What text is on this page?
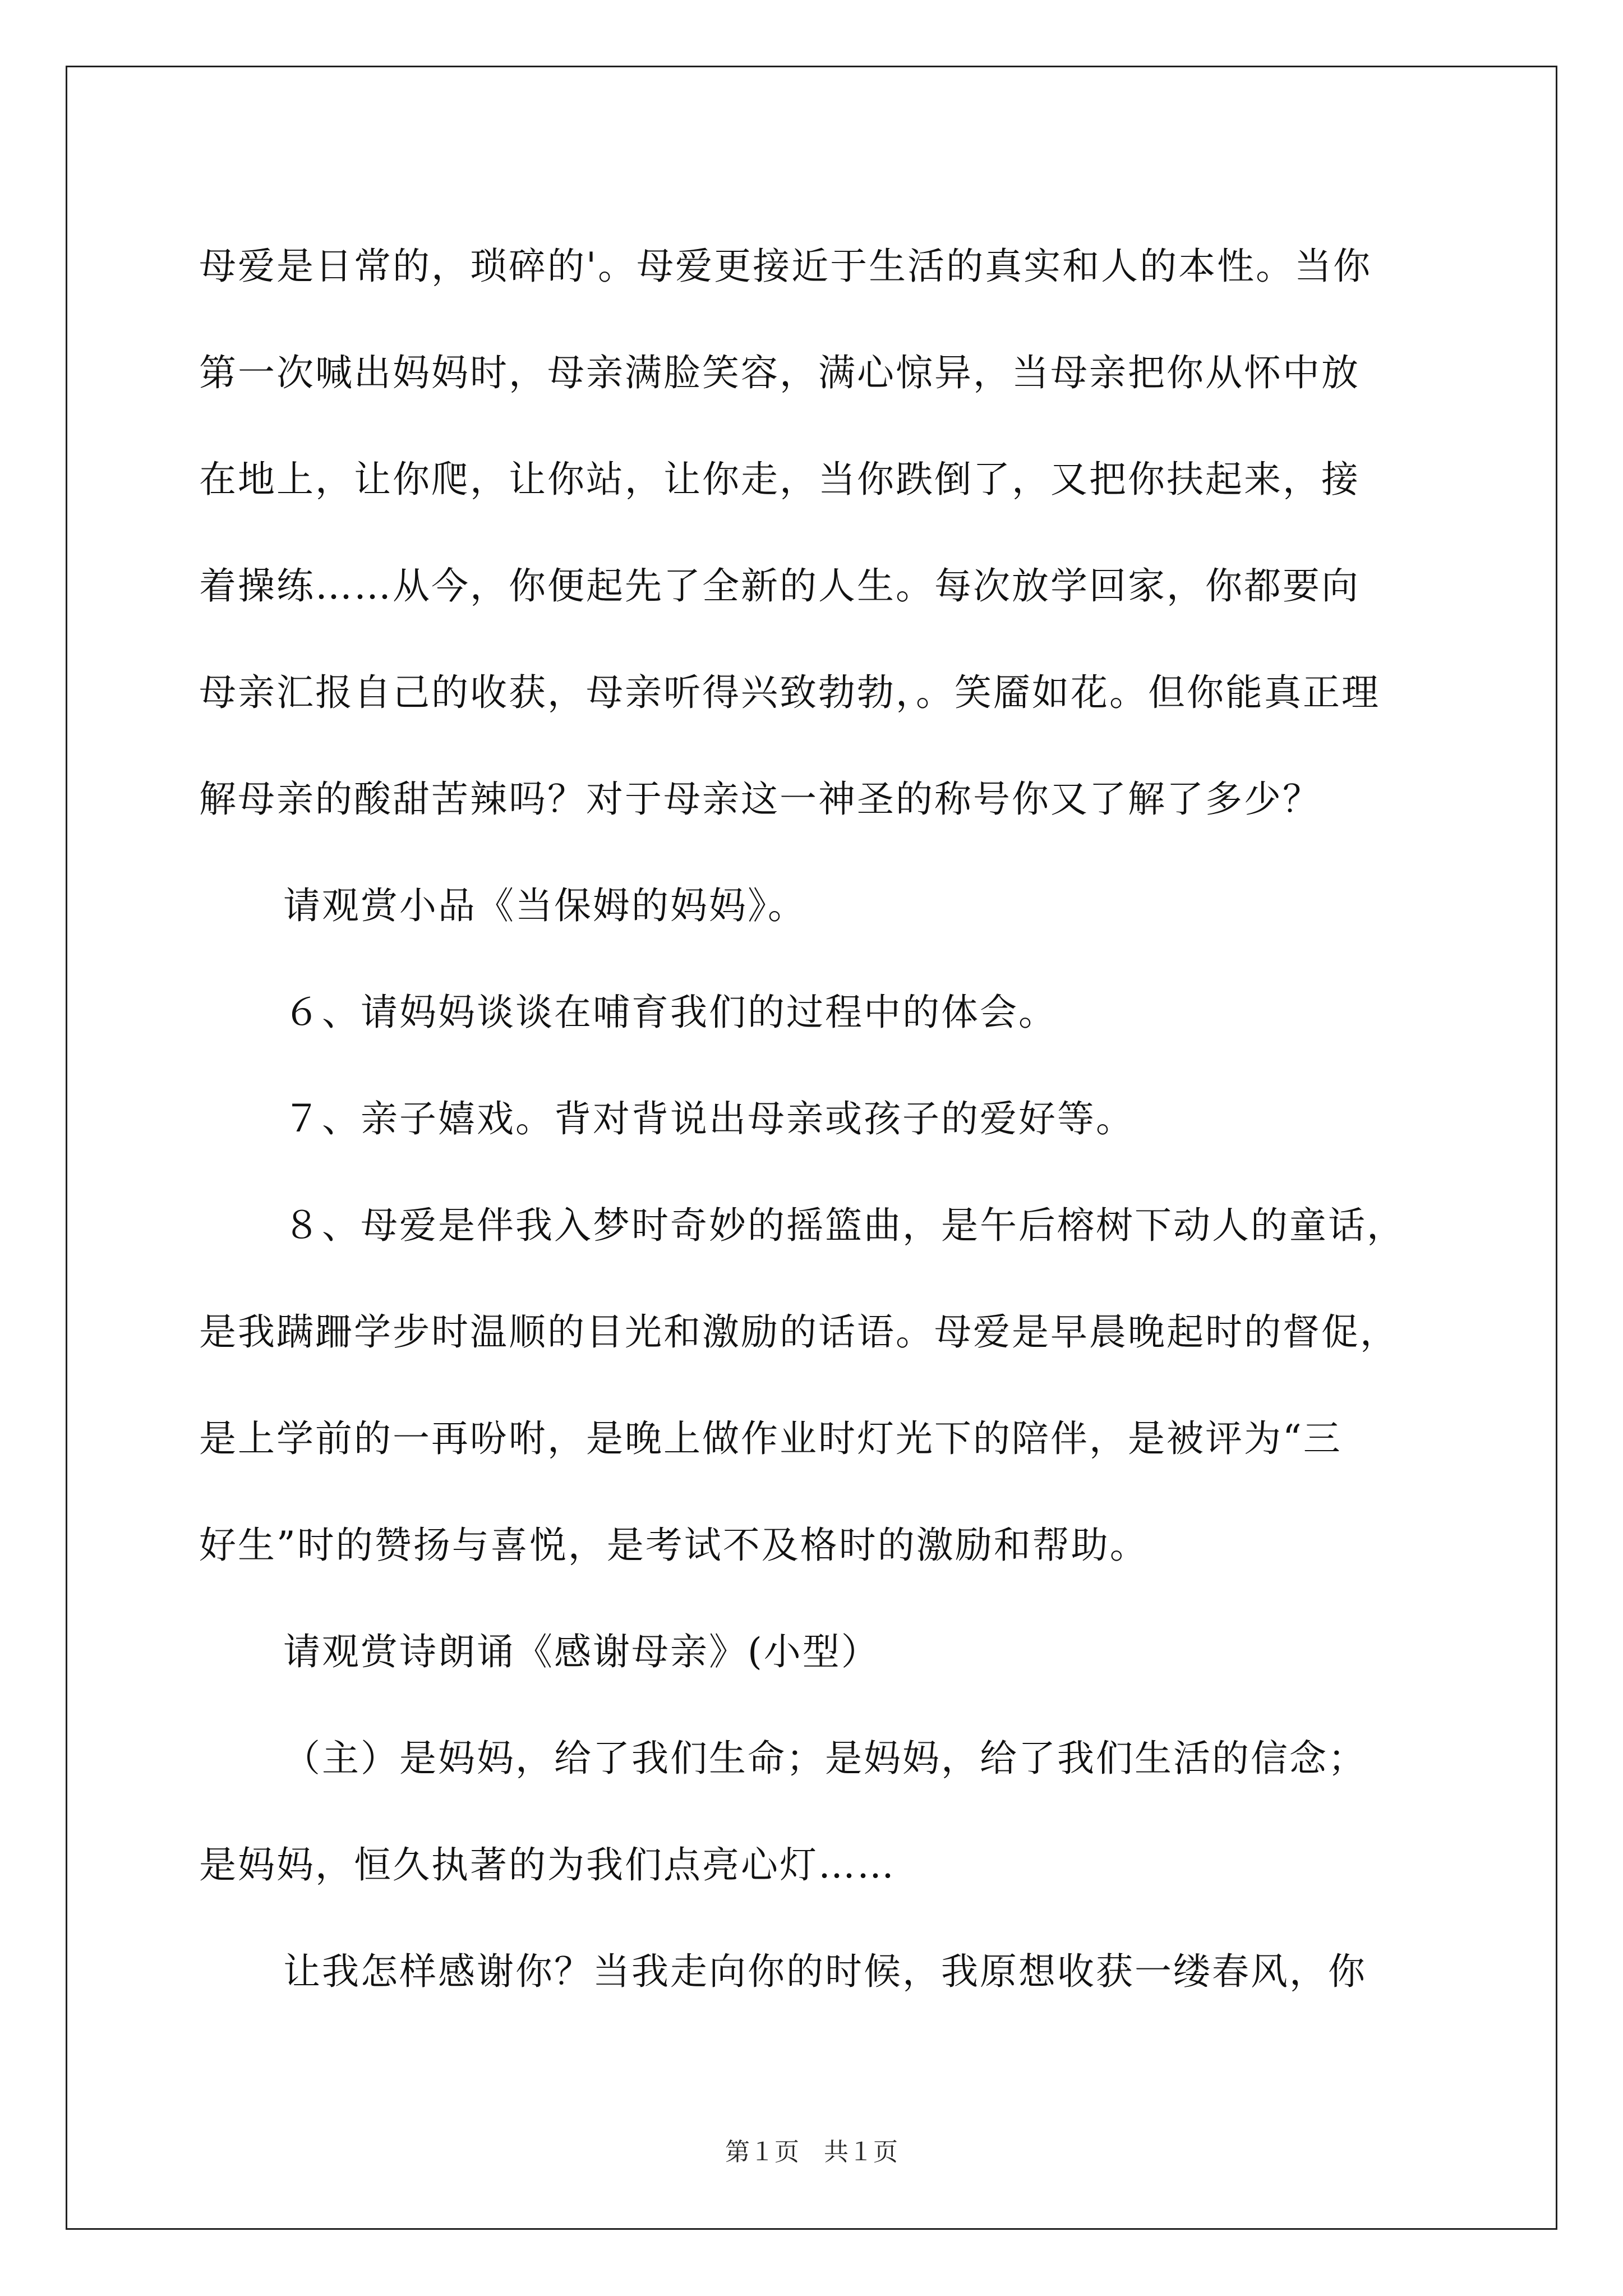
母爱是日常的，琐碎的'。母爱更接近于生活的真实和人的本性。当你
第一次喊出妈妈时，母亲满脸笑容，满心惊异，当母亲把你从怀中放
在地上，让你爬，让你站，让你走，当你跌倒了，又把你扶起来，接
着操练……从今，你便起先了全新的人生。每次放学回家，你都要向
母亲汇报自己的收获，母亲听得兴致勃勃，。笑靥如花。但你能真正理
解母亲的酸甜苦辣吗？对于母亲这一神圣的称号你又了解了多少？
请观赏小品《当保姆的妈妈》。
６、请妈妈谈谈在哺育我们的过程中的体会。
７、亲子嬉戏。背对背说出母亲或孩子的爱好等。
８、母爱是伴我入梦时奇妙的摇篮曲，是午后榕树下动人的童话，
是我蹒跚学步时温顺的目光和激励的话语。母爱是早晨晚起时的督促，
是上学前的一再吩咐，是晚上做作业时灯光下的陪伴，是被评为“三
好生”时的赞扬与喜悦，是考试不及格时的激励和帮助。
请观赏诗朗诵《感谢母亲》(小型）
（主）是妈妈，给了我们生命；是妈妈，给了我们生活的信念；
是妈妈，恒久执著的为我们点亮心灯……
让我怎样感谢你？当我走向你的时候，我原想收获一缕春风，你
第１页　共１页
